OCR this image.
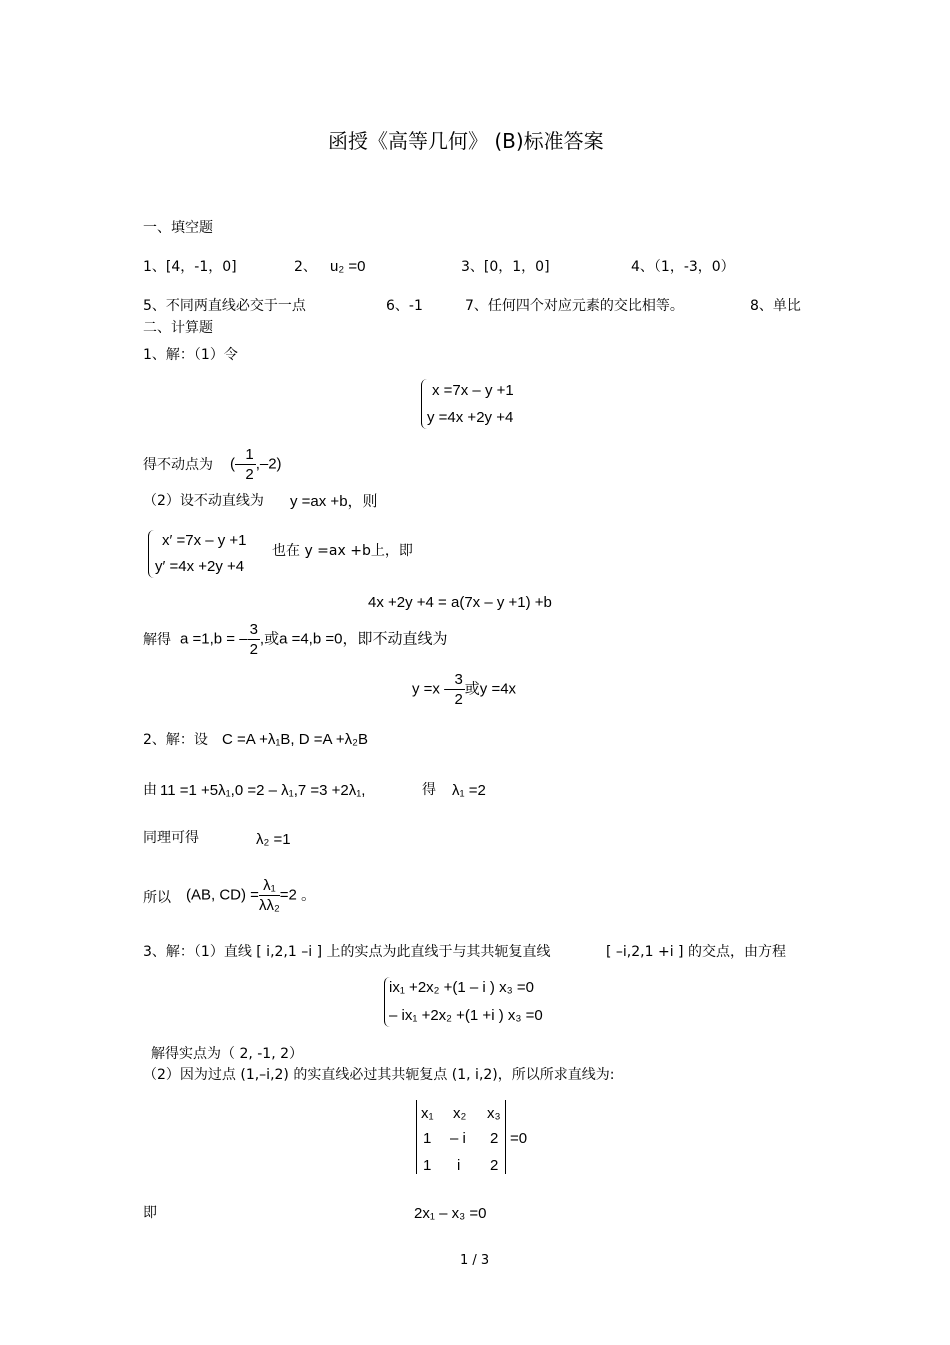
函授《高等几何》 (B)标准答案
一、填空题
1、[4，-1，0]	2、 u₂ =0	3、[0，1，0]	4、（1，-3，0）
5、不同两直线必交于一点	6、-1	7、任何四个对应元素的交比相等。	8、单比
二、计算题
1、解：（1）令
x =7x – y +1
y =4x +2y +4
得不动点为 (– $\frac{1}{2} ,-2$)
（2）设不动直线为 y =ax +b，则
x′ =7x – y +1
y′ =4x +2y +4
也在 y =ax +b上，即
4x +2y +4 = a(7x – y +1) +b
解得 a =1,b = – $\frac{3}{2}$ ,或a =4,b =0，即不动直线为
$y =x - \frac{3}{2}$ 或y =4x
2、解：设 C =A +λ₁B, D =A +λ₂B
由 11 =1 +5λ₁,0 =2 – λ₁,7 =3 +2λ₁,	得 λ₁ =2
同理可得	λ₂ =1
所以 (AB, $CD) = \frac{\text{λ₁}}{\text{λλ₂}} =2$ 。
3、解：（1）直线 [ i,2,1 –i ] 上的实点为此直线于与其共轭复直线	[ –i,2,1 +i ] 的交点，由方程
ix₁ +2x₂ +(1 – i ) x₃ =0
– ix₁ +2x₂ +(1 +i ) x₃ =0
解得实点为（ 2, -1, 2）
（2）因为过点 (1,–i,2) 的实直线必过其共轭复点 (1, i,2)，所以所求直线为:
x₁ x₂ x₃
1 – i 2
1 i 2
=0
即	2x₁ – x₃ =0
1 / 3
